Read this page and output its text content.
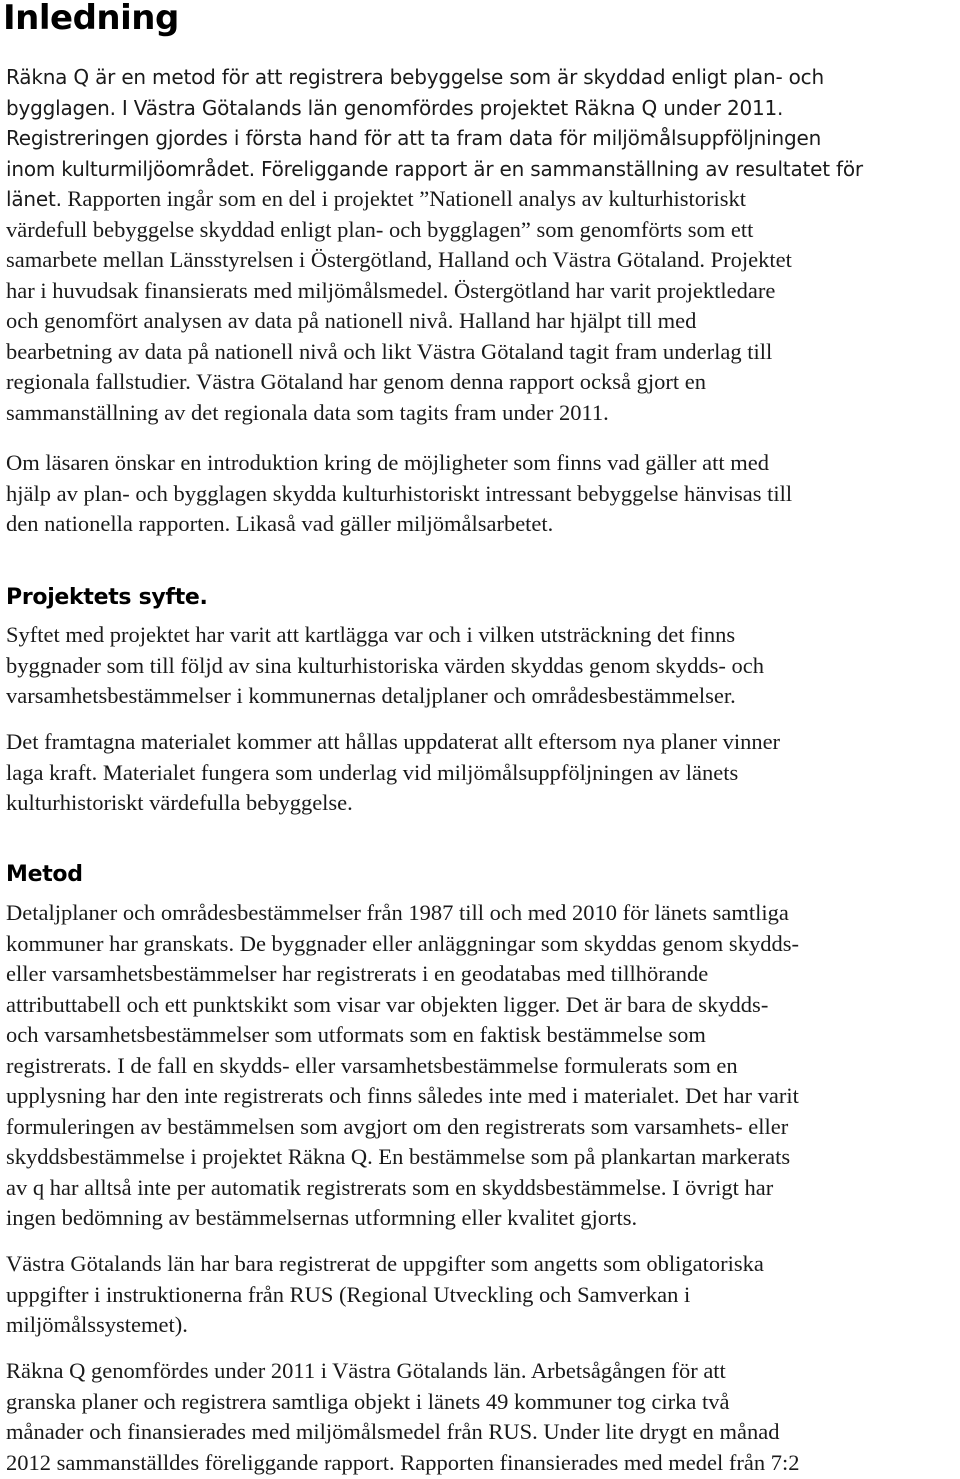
Inledning

Räkna Q är en metod för att registrera bebyggelse som är skyddad enligt plan- och
bygglagen. I Västra Götalands län genomfördes projektet Räkna Q under 2011.
Registreringen gjordes i första hand för att ta fram data för miljömålsuppföljningen
inom kulturmiljöområdet. Föreliggande rapport är en sammanställning av resultatet för
länet. Rapporten ingår som en del i projektet ”Nationell analys av kulturhistoriskt
värdefull bebyggelse skyddad enligt plan- och bygglagen” som genomförts som ett
samarbete mellan Länsstyrelsen i Östergötland, Halland och Västra Götaland. Projektet
har i huvudsak finansierats med miljömålsmedel. Östergötland har varit projektledare
och genomfört analysen av data på nationell nivå. Halland har hjälpt till med
bearbetning av data på nationell nivå och likt Västra Götaland tagit fram underlag till
regionala fallstudier. Västra Götaland har genom denna rapport också gjort en
sammanställning av det regionala data som tagits fram under 2011.

Om läsaren önskar en introduktion kring de möjligheter som finns vad gäller att med
hjälp av plan- och bygglagen skydda kulturhistoriskt intressant bebyggelse hänvisas till
den nationella rapporten. Likaså vad gäller miljömålsarbetet.

Projektets syfte.

Syftet med projektet har varit att kartlägga var och i vilken utsträckning det finns
byggnader som till följd av sina kulturhistoriska värden skyddas genom skydds- och
varsamhetsbestämmelser i kommunernas detaljplaner och områdesbestämmelser.

Det framtagna materialet kommer att hållas uppdaterat allt eftersom nya planer vinner
laga kraft. Materialet fungera som underlag vid miljömålsuppföljningen av länets
kulturhistoriskt värdefulla bebyggelse.

Metod

Detaljplaner och områdesbestämmelser från 1987 till och med 2010 för länets samtliga
kommuner har granskats. De byggnader eller anläggningar som skyddas genom skydds-
eller varsamhetsbestämmelser har registrerats i en geodatabas med tillhörande
attributtabell och ett punktskikt som visar var objekten ligger. Det är bara de skydds-
och varsamhetsbestämmelser som utformats som en faktisk bestämmelse som
registrerats. I de fall en skydds- eller varsamhetsbestämmelse formulerats som en
upplysning har den inte registrerats och finns således inte med i materialet. Det har varit
formuleringen av bestämmelsen som avgjort om den registrerats som varsamhets- eller
skyddsbestämmelse i projektet Räkna Q. En bestämmelse som på plankartan markerats
av q har alltså inte per automatik registrerats som en skyddsbestämmelse. I övrigt har
ingen bedömning av bestämmelsernas utformning eller kvalitet gjorts.

Västra Götalands län har bara registrerat de uppgifter som angetts som obligatoriska
uppgifter i instruktionerna från RUS (Regional Utveckling och Samverkan i
miljömålssystemet).

Räkna Q genomfördes under 2011 i Västra Götalands län. Arbetsågången för att
granska planer och registrera samtliga objekt i länets 49 kommuner tog cirka två
månader och finansierades med miljömålsmedel från RUS. Under lite drygt en månad
2012 sammanställdes föreliggande rapport. Rapporten finansierades med medel från 7:2
